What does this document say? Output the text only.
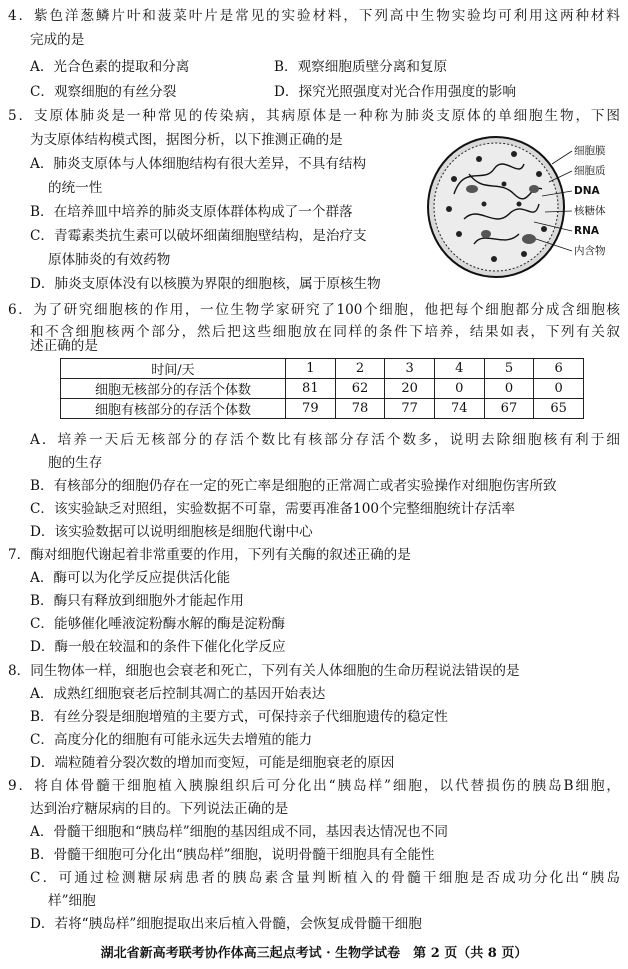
4．紫色洋葱鳞片叶和菠菜叶片是常见的实验材料，下列高中生物实验均可利用这两种材料
完成的是
A．光合色素的提取和分离	B．观察细胞质壁分离和复原
C．观察细胞的有丝分裂	D．探究光照强度对光合作用强度的影响
5．支原体肺炎是一种常见的传染病，其病原体是一种称为肺炎支原体的单细胞生物，下图
为支原体结构模式图，据图分析，以下推测正确的是
A．肺炎支原体与人体细胞结构有很大差异，不具有结构
的统一性
B．在培养皿中培养的肺炎支原体群体构成了一个群落
C．青霉素类抗生素可以破坏细菌细胞壁结构，是治疗支
原体肺炎的有效药物
D．肺炎支原体没有以核膜为界限的细胞核，属于原核生物
细胞膜
细胞质
DNA
核糖体
RNA
内含物
6．为了研究细胞核的作用，一位生物学家研究了100个细胞，他把每个细胞都分成含细胞核
和不含细胞核两个部分，然后把这些细胞放在同样的条件下培养，结果如表，下列有关叙
述正确的是
时间/天	1	2	3	4	5	6
细胞无核部分的存活个体数	81	62	20	0	0	0
细胞有核部分的存活个体数	79	78	77	74	67	65
A．培养一天后无核部分的存活个数比有核部分存活个数多，说明去除细胞核有利于细
胞的生存
B．有核部分的细胞仍存在一定的死亡率是细胞的正常凋亡或者实验操作对细胞伤害所致
C．该实验缺乏对照组，实验数据不可靠，需要再准备100个完整细胞统计存活率
D．该实验数据可以说明细胞核是细胞代谢中心
7．酶对细胞代谢起着非常重要的作用，下列有关酶的叙述正确的是
A．酶可以为化学反应提供活化能
B．酶只有释放到细胞外才能起作用
C．能够催化唾液淀粉酶水解的酶是淀粉酶
D．酶一般在较温和的条件下催化化学反应
8．同生物体一样，细胞也会衰老和死亡，下列有关人体细胞的生命历程说法错误的是
A．成熟红细胞衰老后控制其凋亡的基因开始表达
B．有丝分裂是细胞增殖的主要方式，可保持亲子代细胞遗传的稳定性
C．高度分化的细胞有可能永远失去增殖的能力
D．端粒随着分裂次数的增加而变短，可能是细胞衰老的原因
9．将自体骨髓干细胞植入胰腺组织后可分化出“胰岛样”细胞，以代替损伤的胰岛B细胞，
达到治疗糖尿病的目的。下列说法正确的是
A．骨髓干细胞和“胰岛样”细胞的基因组成不同，基因表达情况也不同
B．骨髓干细胞可分化出“胰岛样”细胞，说明骨髓干细胞具有全能性
C．可通过检测糖尿病患者的胰岛素含量判断植入的骨髓干细胞是否成功分化出“胰岛
样”细胞
D．若将“胰岛样”细胞提取出来后植入骨髓，会恢复成骨髓干细胞
湖北省新高考联考协作体高三起点考试 · 生物学试卷　第 2 页（共 8 页）
